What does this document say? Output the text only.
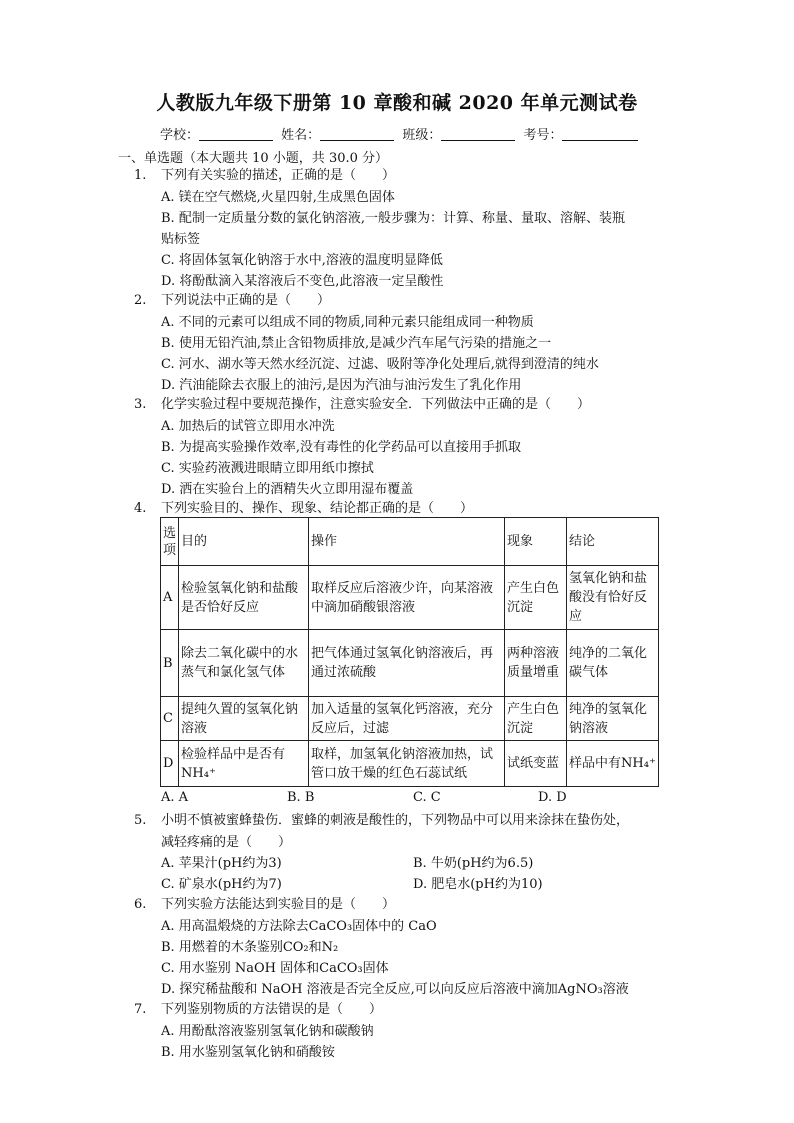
人教版九年级下册第 10 章酸和碱 2020 年单元测试卷
学校：	姓名：	班级：	考号：
一、单选题（本大题共 10 小题，共 30.0 分）
1. 下列有关实验的描述，正确的是（　　）
A. 镁在空气燃烧,火星四射,生成黑色固体
B. 配制一定质量分数的氯化钠溶液,一般步骤为：计算、称量、量取、溶解、装瓶
贴标签
C. 将固体氢氧化钠溶于水中,溶液的温度明显降低
D. 将酚酞滴入某溶液后不变色,此溶液一定呈酸性
2. 下列说法中正确的是（　　）
A. 不同的元素可以组成不同的物质,同种元素只能组成同一种物质
B. 使用无铅汽油,禁止含铅物质排放,是减少汽车尾气污染的措施之一
C. 河水、湖水等天然水经沉淀、过滤、吸附等净化处理后,就得到澄清的纯水
D. 汽油能除去衣服上的油污,是因为汽油与油污发生了乳化作用
3. 化学实验过程中要规范操作，注意实验安全．下列做法中正确的是（　　）
A. 加热后的试管立即用水冲洗
B. 为提高实验操作效率,没有毒性的化学药品可以直接用手抓取
C. 实验药液溅进眼睛立即用纸巾擦拭
D. 洒在实验台上的酒精失火立即用湿布覆盖
4. 下列实验目的、操作、现象、结论都正确的是（　　）
选项	目的	操作	现象	结论
A	检验氢氧化钠和盐酸是否恰好反应	取样反应后溶液少许，向某溶液中滴加硝酸银溶液	产生白色沉淀	氢氧化钠和盐酸没有恰好反应
B	除去二氧化碳中的水蒸气和氯化氢气体	把气体通过氢氧化钠溶液后，再通过浓硫酸	两种溶液质量增重	纯净的二氧化碳气体
C	提纯久置的氢氧化钠溶液	加入适量的氢氧化钙溶液，充分反应后，过滤	产生白色沉淀	纯净的氢氧化钠溶液
D	检验样品中是否有NH₄⁺	取样，加氢氧化钠溶液加热，试管口放干燥的红色石蕊试纸	试纸变蓝	样品中有NH₄⁺
A. A	B. B	C. C	D. D
5. 小明不慎被蜜蜂蛰伤．蜜蜂的刺液是酸性的，下列物品中可以用来涂抹在蛰伤处，
减轻疼痛的是（　　）
A. 苹果汁(pH约为3)	B. 牛奶(pH约为6.5)
C. 矿泉水(pH约为7)	D. 肥皂水(pH约为10)
6. 下列实验方法能达到实验目的是（　　）
A. 用高温煅烧的方法除去CaCO₃固体中的 CaO
B. 用燃着的木条鉴别CO₂和N₂
C. 用水鉴别 NaOH 固体和CaCO₃固体
D. 探究稀盐酸和 NaOH 溶液是否完全反应,可以向反应后溶液中滴加AgNO₃溶液
7. 下列鉴别物质的方法错误的是（　　）
A. 用酚酞溶液鉴别氢氧化钠和碳酸钠
B. 用水鉴别氢氧化钠和硝酸铵
